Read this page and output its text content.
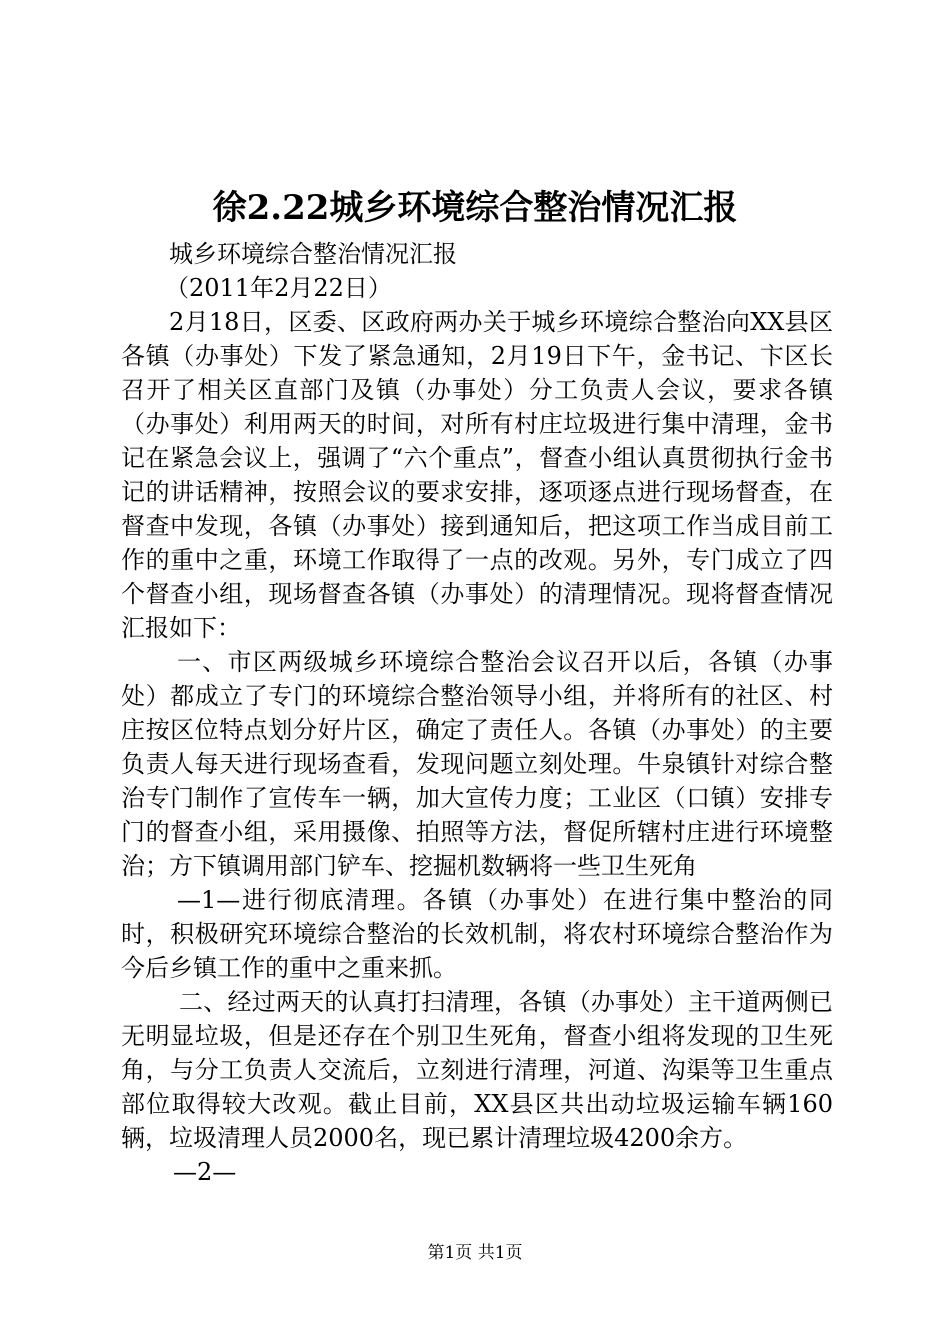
徐2.22城乡环境综合整治情况汇报

城乡环境综合整治情况汇报

（2011年2月22日）

2月18日，区委、区政府两办关于城乡环境综合整治向XX县区各镇（办事处）下发了紧急通知，2月19日下午，金书记、卞区长召开了相关区直部门及镇（办事处）分工负责人会议，要求各镇（办事处）利用两天的时间，对所有村庄垃圾进行集中清理，金书记在紧急会议上，强调了“六个重点”，督查小组认真贯彻执行金书记的讲话精神，按照会议的要求安排，逐项逐点进行现场督查，在督查中发现，各镇（办事处）接到通知后，把这项工作当成目前工作的重中之重，环境工作取得了一点的改观。另外，专门成立了四个督查小组，现场督查各镇（办事处）的清理情况。现将督查情况汇报如下：

一、市区两级城乡环境综合整治会议召开以后，各镇（办事处）都成立了专门的环境综合整治领导小组，并将所有的社区、村庄按区位特点划分好片区，确定了责任人。各镇（办事处）的主要负责人每天进行现场查看，发现问题立刻处理。牛泉镇针对综合整治专门制作了宣传车一辆，加大宣传力度；工业区（口镇）安排专门的督查小组，采用摄像、拍照等方法，督促所辖村庄进行环境整治；方下镇调用部门铲车、挖掘机数辆将一些卫生死角

—1—进行彻底清理。各镇（办事处）在进行集中整治的同时，积极研究环境综合整治的长效机制，将农村环境综合整治作为今后乡镇工作的重中之重来抓。

二、经过两天的认真打扫清理，各镇（办事处）主干道两侧已无明显垃圾，但是还存在个别卫生死角，督查小组将发现的卫生死角，与分工负责人交流后，立刻进行清理，河道、沟渠等卫生重点部位取得较大改观。截止目前，XX县区共出动垃圾运输车辆160辆，垃圾清理人员2000名，现已累计清理垃圾4200余方。

—2—

第1页 共1页
